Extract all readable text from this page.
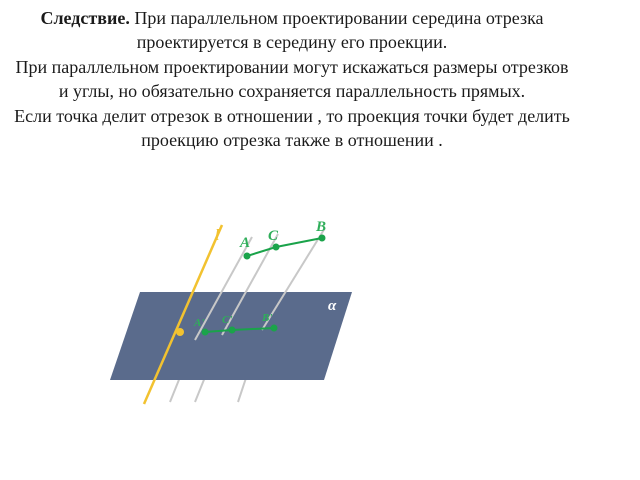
Следствие. При параллельном проектировании середина отрезка проектируется в середину его проекции.

При параллельном проектировании могут искажаться размеры отрезков и углы, но обязательно сохраняется параллельность прямых.

Если точка делит отрезок в отношении , то проекция точки будет делить проекцию отрезка также в отношении .

l A C
B
α
A' C'	B'
